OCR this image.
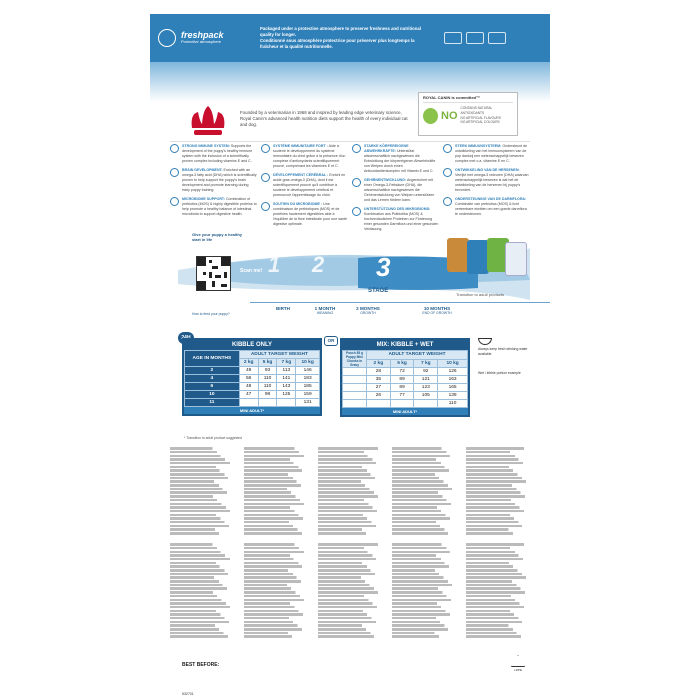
freshpack
Protective atmosphere
Packaged under a protective atmosphere to preserve freshness and nutritional quality for longer.
Conditionné sous atmosphère protectrice pour préserver plus longtemps la fraîcheur et la qualité nutritionnelle.
Founded by a veterinarian in 1968 and inspired by leading edge veterinary science, Royal Canin's advanced health nutrition diets support the health of every individual cat and dog.
ROYAL CANIN is committed™
NO
CONTAINS NATURAL ANTIOXIDANTS
NO ARTIFICIAL FLAVOURS
NO ARTIFICIAL COLOURS
STRONG IMMUNE SYSTEM: Supports the development of the puppy's healthy immune system with the inclusion of a scientifically proven complex including vitamins E and C.
BRAIN DEVELOPMENT: Enriched with an omega-3 fatty acid (DHA) which is scientifically proven to help support the puppy's brain development and promote learning during early puppy training.
MICROBIOME SUPPORT: Combination of prebiotics (MOS) & highly digestible proteins to help promote a healthy balance of intestinal microbiota to support digestive health.
SYSTÈME IMMUNITAIRE FORT : Aide à soutenir le développement du système immunitaire du chiot grâce à la présence d'un complexe d'antioxydants scientifiquement prouvé, comprenant les vitamines E et C.
DÉVELOPPEMENT CÉRÉBRAL : Enrichi en acide gras oméga-3 (DHA), dont il est scientifiquement prouvé qu'il contribue à soutenir le développement cérébral et promouvoir l'apprentissage du chiot.
SOUTIEN DU MICROBIOME : Une combinaison de prébiotiques (MOS) et de protéines hautement digestibles aide à l'équilibre de la flore intestinale pour une santé digestive optimale.
STARKE KÖRPEREIGENE ABWEHRKRÄFTE: Unterstützt wissenschaftlich nachgewiesen die Entwicklung der körpereigenen Abwehrkräfte von Welpen durch einen Antioxidantienkomplex mit Vitamin E und C.
GEHIRNENTWICKLUNG: Angereichert mit einer Omega-3-Fettsäure (DHA), die wissenschaftlich nachgewiesen die Gehirnentwicklung von Welpen unterstützen und das Lernen fördern kann.
UNTERSTÜTZUNG DES MIKROBIOMS: Kombination aus Präbiotika (MOS) & hochverdaulichen Proteinen zur Förderung einer gesunden Darmflora und einer gesunden Verdauung.
STERK IMMUUNSYSTEEM: Ondersteunt de ontwikkeling van het immuunsysteem van de pup dankzij een wetenschappelijk bewezen complex met o.a. vitamine E en C.
ONTWIKKELING VAN DE HERSENEN: Verrijkt met omega-3 vetzuren (DHA) waarvan wetenschappelijk bewezen is dat het de ontwikkeling van de hersenen bij puppy's bevordert.
ONDERSTEUNING VAN DE DARMFLORA: Combinatie van prebiotica (MOS) & licht verteerbare eiwitten om een goede darmflora te ondersteunen.
Give your puppy a healthy start in life
Scan me!
How to feed your puppy?
1 2 3
STAGE
BIRTH	1 MONTH
WEANING
2 MONTHS
GROWTH
10 MONTHS
END OF GROWTH
Transition to adult products
KIBBLE ONLY
AGE IN MONTHS	ADULT TARGET WEIGHT			
	2 kg	5 kg	7 kg	10 kg
2	49	93	113	146
4	56	110	141	183
6	48	110	143	185
10	47	98	125	159
11				131
MINI ADULT*
OR
MIX: KIBBLE + WET
Pouch 85 g Puppy Mini Chunks in Gravy	ADULT TARGET WEIGHT			
	2 kg	5 kg	7 kg	10 kg
	28	72	92	126
	35	89	121	163
	27	89	123	165
	26	77	105	139
				110
MINI ADULT*
Always keep fresh drinking water available.
Wet / kibble portion example
* Transition to adult product suggested
BEST BEFORE:
532701
LDPE
